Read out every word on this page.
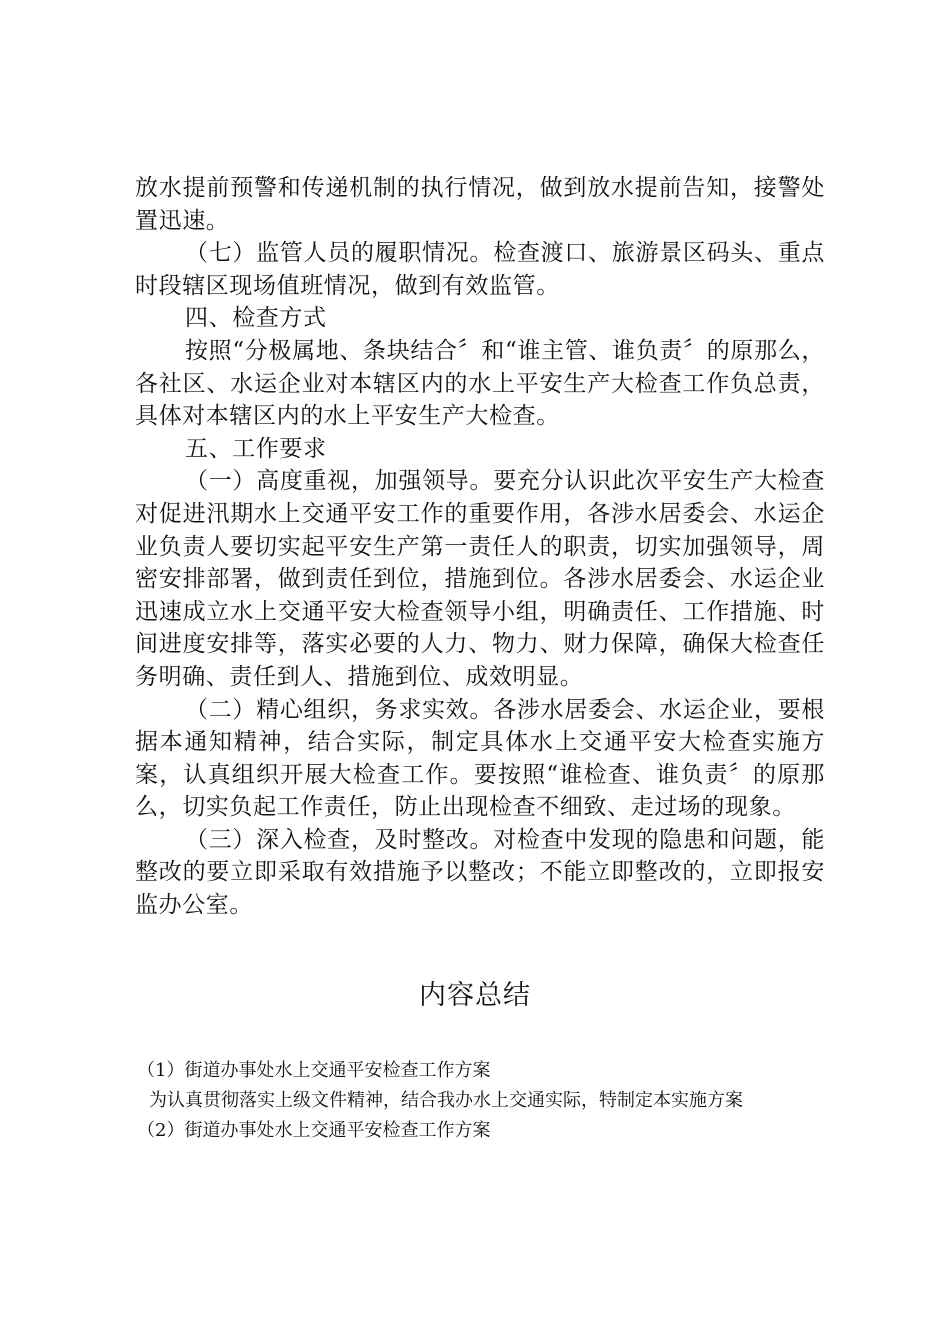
放水提前预警和传递机制的执行情况，做到放水提前告知，接警处置迅速。

（七）监管人员的履职情况。检查渡口、旅游景区码头、重点时段辖区现场值班情况，做到有效监管。

四、检查方式

按照“分极属地、条块结合〞和“谁主管、谁负责〞的原那么，各社区、水运企业对本辖区内的水上平安生产大检查工作负总责，具体对本辖区内的水上平安生产大检查。

五、工作要求

（一）高度重视，加强领导。要充分认识此次平安生产大检查对促进汛期水上交通平安工作的重要作用，各涉水居委会、水运企业负责人要切实起平安生产第一责任人的职责，切实加强领导，周密安排部署，做到责任到位，措施到位。各涉水居委会、水运企业迅速成立水上交通平安大检查领导小组，明确责任、工作措施、时间进度安排等，落实必要的人力、物力、财力保障，确保大检查任务明确、责任到人、措施到位、成效明显。

（二）精心组织，务求实效。各涉水居委会、水运企业，要根据本通知精神，结合实际，制定具体水上交通平安大检查实施方案，认真组织开展大检查工作。要按照“谁检查、谁负责〞的原那么，切实负起工作责任，防止出现检查不细致、走过场的现象。

（三）深入检查，及时整改。对检查中发现的隐患和问题，能整改的要立即采取有效措施予以整改；不能立即整改的，立即报安监办公室。

内容总结

（1）街道办事处水上交通平安检查工作方案

为认真贯彻落实上级文件精神，结合我办水上交通实际，特制定本实施方案

（2）街道办事处水上交通平安检查工作方案
